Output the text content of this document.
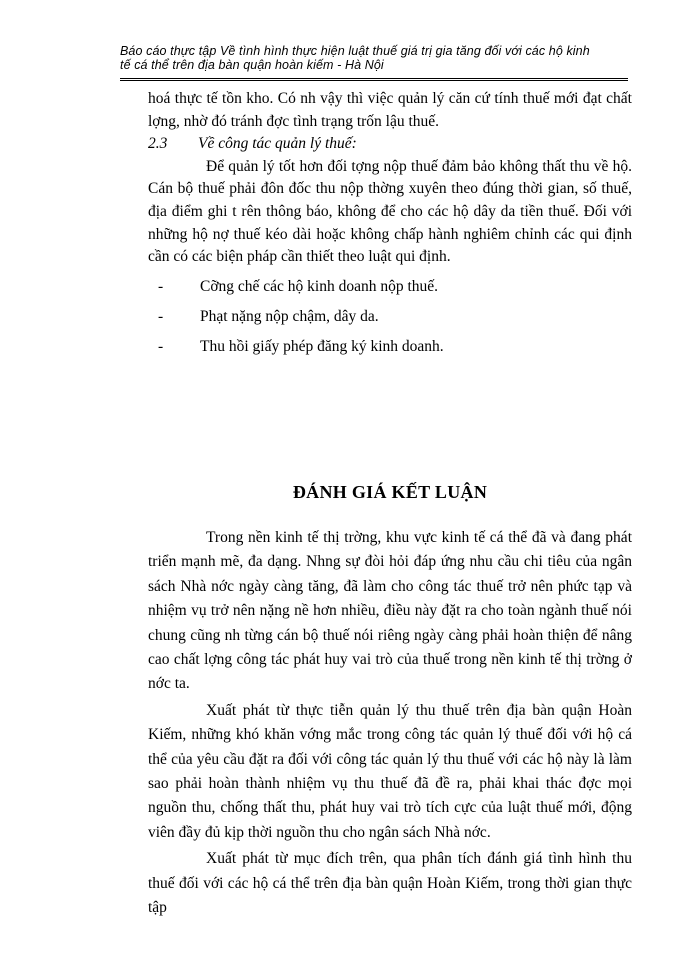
Báo cáo thực tập Về tình hình thực hiện luật thuế giá trị gia tăng đối với các hộ kinh
tế cá thể trên địa bàn quận hoàn kiếm - Hà Nội

hoá thực tế tồn kho. Có nh vậy thì việc quản lý căn cứ tính thuế mới đạt chất lợng, nhờ đó tránh đợc tình trạng trốn lậu thuế.

2.3 Về công tác quản lý thuế:

Để quản lý tốt hơn đối tợng nộp thuế đảm bảo không thất thu về hộ. Cán bộ thuế phải đôn đốc thu nộp thờng xuyên theo đúng thời gian, số thuế, địa điểm ghi t rên thông báo, không để cho các hộ dây da tiền thuế. Đối với những hộ nợ thuế kéo dài hoặc không chấp hành nghiêm chỉnh các qui định cần có các biện pháp cần thiết theo luật qui định.

- Cỡng chế các hộ kinh doanh nộp thuế.
- Phạt nặng nộp chậm, dây da.
- Thu hồi giấy phép đăng ký kinh doanh.
ĐÁNH GIÁ KẾT LUẬN

Trong nền kinh tế thị trờng, khu vực kinh tế cá thể đã và đang phát triển mạnh mẽ, đa dạng. Nhng sự đòi hỏi đáp ứng nhu cầu chi tiêu của ngân sách Nhà nớc ngày càng tăng, đã làm cho công tác thuế trở nên phức tạp và nhiệm vụ trở nên nặng nề hơn nhiều, điều này đặt ra cho toàn ngành thuế nói chung cũng nh từng cán bộ thuế nói riêng ngày càng phải hoàn thiện để nâng cao chất lợng công tác phát huy vai trò của thuế trong nền kinh tế thị trờng ở nớc ta.

Xuất phát từ thực tiễn quản lý thu thuế trên địa bàn quận Hoàn Kiếm, những khó khăn vớng mắc trong công tác quản lý thuế đối với hộ cá thể của yêu cầu đặt ra đối với công tác quản lý thu thuế với các hộ này là làm sao phải hoàn thành nhiệm vụ thu thuế đã đề ra, phải khai thác đợc mọi nguồn thu, chống thất thu, phát huy vai trò tích cực của luật thuế mới, động viên đầy đủ kịp thời nguồn thu cho ngân sách Nhà nớc.

Xuất phát từ mục đích trên, qua phân tích đánh giá tình hình thu thuế đối với các hộ cá thể trên địa bàn quận Hoàn Kiếm, trong thời gian thực tập
